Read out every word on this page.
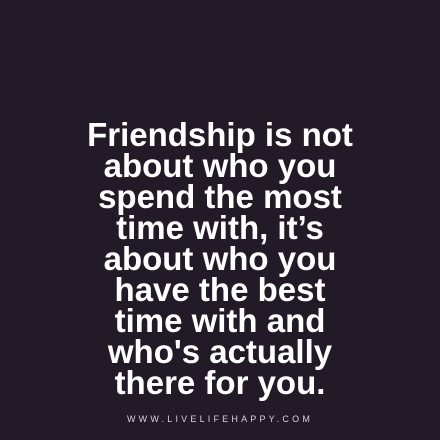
Friendship is not
about who you
spend the most
time with, it’s
about who you
have the best
time with and
who's actually
there for you.
WWW.LIVELIFEHAPPY.COM
